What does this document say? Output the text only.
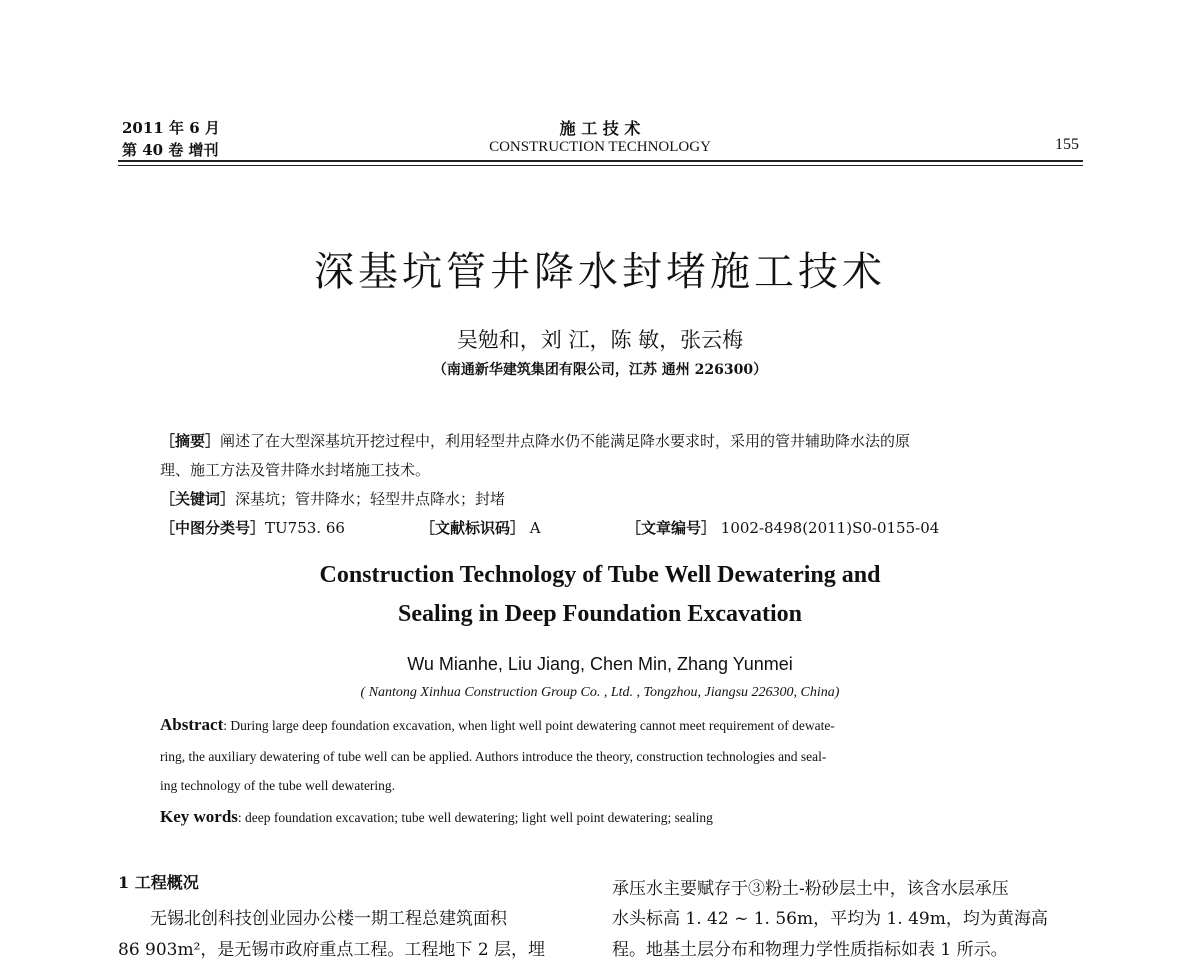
2011 年 6 月
第 40 卷 增刊
施 工 技 术
CONSTRUCTION TECHNOLOGY	155
深基坑管井降水封堵施工技术
吴勉和，刘 江，陈 敏，张云梅
（南通新华建筑集团有限公司，江苏 通州 226300）
［摘要］阐述了在大型深基坑开挖过程中，利用轻型井点降水仍不能满足降水要求时，采用的管井辅助降水法的原
理、施工方法及管井降水封堵施工技术。
［关键词］深基坑；管井降水；轻型井点降水；封堵
［中图分类号］TU753. 66	［文献标识码］ A	［文章编号］ 1002-8498(2011)S0-0155-04
Construction Technology of Tube Well Dewatering and
Sealing in Deep Foundation Excavation
Wu Mianhe, Liu Jiang, Chen Min, Zhang Yunmei
( Nantong Xinhua Construction Group Co. , Ltd. , Tongzhou, Jiangsu 226300, China)
Abstract: During large deep foundation excavation, when light well point dewatering cannot meet requirement of dewate-
ring, the auxiliary dewatering of tube well can be applied. Authors introduce the theory, construction technologies and seal-
ing technology of the tube well dewatering.
Key words: deep foundation excavation; tube well dewatering; light well point dewatering; sealing
1 工程概况
无锡北创科技创业园办公楼一期工程总建筑面积
86 903m²，是无锡市政府重点工程。工程地下 2 层，埋
承压水主要赋存于③粉土-粉砂层土中，该含水层承压
水头标高 1. 42 ~ 1. 56m，平均为 1. 49m，均为黄海高
程。地基土层分布和物理力学性质指标如表 1 所示。
